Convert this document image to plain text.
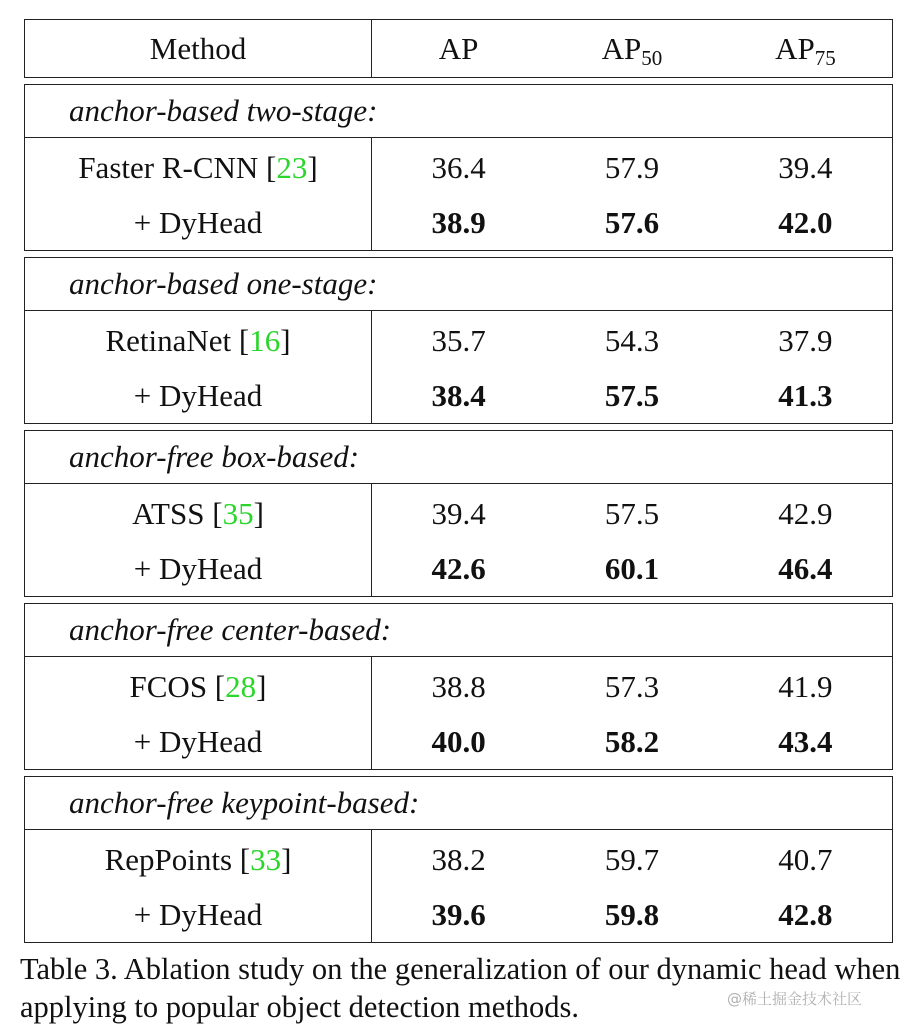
Method	AP	$AP_{50}$	$AP_{75}$

anchor-based two-stage:			
Faster R-CNN [23]	36.4	57.9	39.4
+ DyHead	38.9	57.6	42.0

anchor-based one-stage:			
RetinaNet [16]	35.7	54.3	37.9
+ DyHead	38.4	57.5	41.3

anchor-free box-based:			
ATSS [35]	39.4	57.5	42.9
+ DyHead	42.6	60.1	46.4

anchor-free center-based:			
FCOS [28]	38.8	57.3	41.9
+ DyHead	40.0	58.2	43.4

anchor-free keypoint-based:			
RepPoints [33]	38.2	59.7	40.7
+ DyHead	39.6	59.8	42.8
Table 3. Ablation study on the generalization of our dynamic head when applying to popular object detection methods.	@稀土掘金技术社区
